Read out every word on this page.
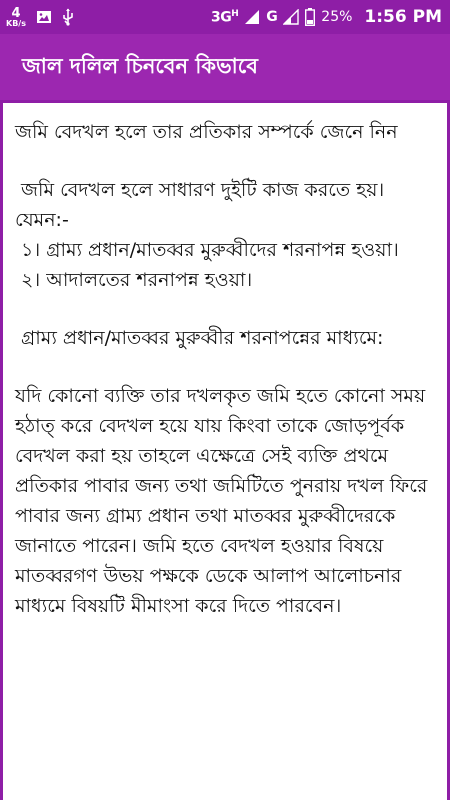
4
KB/s	$3G^H$ G	25% 1:56 PM
জাল দলিল চিনবেন কিভাবে

জমি বেদখল হলে তার প্রতিকার সম্পর্কে জেনে নিন

জমি বেদখল হলে সাধারণ দুইটি কাজ করতে হয়। যেমন:-

১। গ্রাম্য প্রধান/মাতব্বর মুরুব্বীদের শরনাপন্ন হওয়া।

২। আদালতের শরনাপন্ন হওয়া।

গ্রাম্য প্রধান/মাতব্বর মুরুব্বীর শরনাপন্নের মাধ্যমে:

যদি কোনো ব্যক্তি তার দখলকৃত জমি হতে কোনো সময় হঠাত্ করে বেদখল হয়ে যায় কিংবা তাকে জোড়পূর্বক বেদখল করা হয় তাহলে এক্ষেত্রে সেই ব্যক্তি প্রথমে প্রতিকার পাবার জন্য তথা জমিটিতে পুনরায় দখল ফিরে পাবার জন্য গ্রাম্য প্রধান তথা মাতব্বর মুরুব্বীদেরকে জানাতে পারেন। জমি হতে বেদখল হওয়ার বিষয়ে মাতব্বরগণ উভয় পক্ষকে ডেকে আলাপ আলোচনার মাধ্যমে বিষয়টি মীমাংসা করে দিতে পারবেন।
